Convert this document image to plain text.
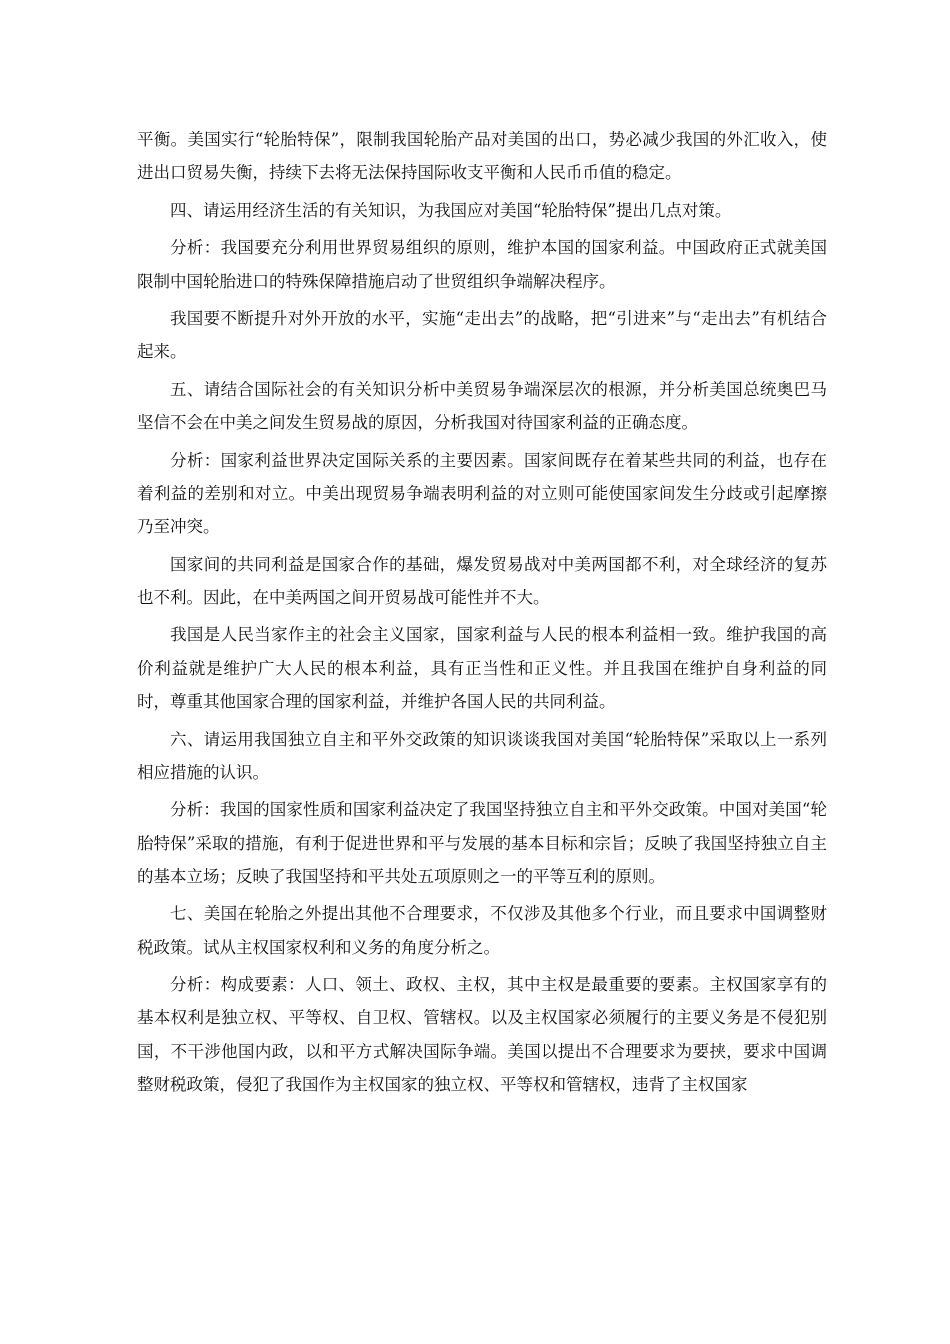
平衡。美国实行“轮胎特保”，限制我国轮胎产品对美国的出口，势必减少我国的外汇收入，使进出口贸易失衡，持续下去将无法保持国际收支平衡和人民币币值的稳定。

四、请运用经济生活的有关知识，为我国应对美国“轮胎特保”提出几点对策。

分析：我国要充分利用世界贸易组织的原则，维护本国的国家利益。中国政府正式就美国限制中国轮胎进口的特殊保障措施启动了世贸组织争端解决程序。

我国要不断提升对外开放的水平，实施“走出去”的战略，把“引进来”与“走出去”有机结合起来。

五、请结合国际社会的有关知识分析中美贸易争端深层次的根源，并分析美国总统奥巴马坚信不会在中美之间发生贸易战的原因，分析我国对待国家利益的正确态度。

分析：国家利益世界决定国际关系的主要因素。国家间既存在着某些共同的利益，也存在着利益的差别和对立。中美出现贸易争端表明利益的对立则可能使国家间发生分歧或引起摩擦乃至冲突。

国家间的共同利益是国家合作的基础，爆发贸易战对中美两国都不利，对全球经济的复苏也不利。因此，在中美两国之间开贸易战可能性并不大。

我国是人民当家作主的社会主义国家，国家利益与人民的根本利益相一致。维护我国的高价利益就是维护广大人民的根本利益，具有正当性和正义性。并且我国在维护自身利益的同时，尊重其他国家合理的国家利益，并维护各国人民的共同利益。

六、请运用我国独立自主和平外交政策的知识谈谈我国对美国“轮胎特保”采取以上一系列相应措施的认识。

分析：我国的国家性质和国家利益决定了我国坚持独立自主和平外交政策。中国对美国“轮胎特保”采取的措施，有利于促进世界和平与发展的基本目标和宗旨；反映了我国坚持独立自主的基本立场；反映了我国坚持和平共处五项原则之一的平等互利的原则。

七、美国在轮胎之外提出其他不合理要求，不仅涉及其他多个行业，而且要求中国调整财税政策。试从主权国家权利和义务的角度分析之。

分析：构成要素：人口、领土、政权、主权，其中主权是最重要的要素。主权国家享有的基本权利是独立权、平等权、自卫权、管辖权。以及主权国家必须履行的主要义务是不侵犯别国，不干涉他国内政，以和平方式解决国际争端。美国以提出不合理要求为要挟，要求中国调整财税政策，侵犯了我国作为主权国家的独立权、平等权和管辖权，违背了主权国家
